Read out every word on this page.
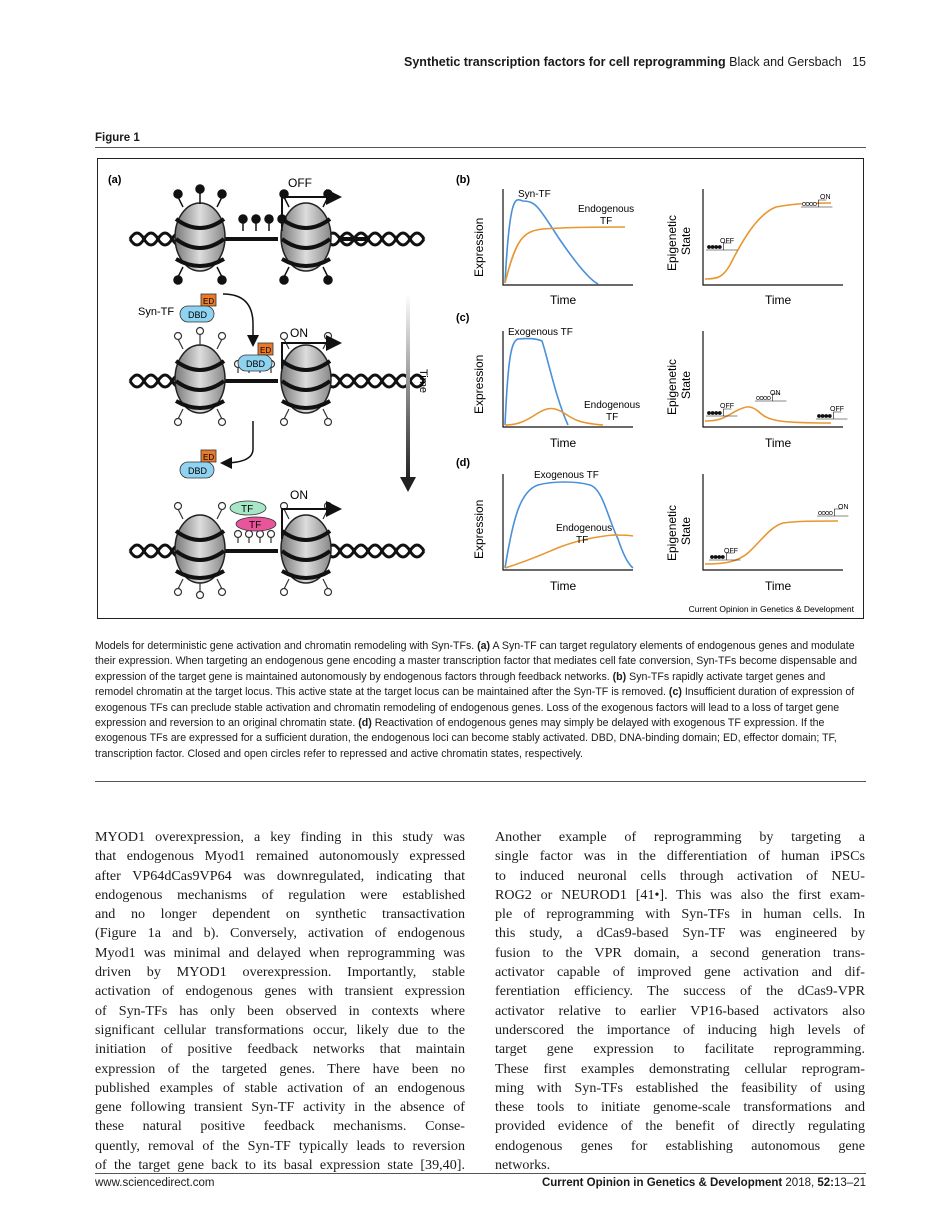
Synthetic transcription factors for cell reprogramming Black and Gersbach 15
Figure 1
(a)	OFF
Syn-TF
ED
DBD
ED
DBD
ON
ED
DBD
TF
TF
ON
Time
(b)
(c)
(d)
Syn-TF
Endogenous
TF
Expression
Time
Epigenetic State
Time
ON
OFF
Exogenous TF
Endogenous
TF
Expression
Time
Epigenetic State
Time
ON
OFF	OFF
Exogenous TF
Endogenous
TF
Expression
Time
Epigenetic State
Time
ON
OFF
Current Opinion in Genetics & Development
Models for deterministic gene activation and chromatin remodeling with Syn-TFs. (a) A Syn-TF can target regulatory elements of endogenous genes and modulate their expression. When targeting an endogenous gene encoding a master transcription factor that mediates cell fate conversion, Syn-TFs become dispensable and expression of the target gene is maintained autonomously by endogenous factors through feedback networks. (b) Syn-TFs rapidly activate target genes and remodel chromatin at the target locus. This active state at the target locus can be maintained after the Syn-TF is removed. (c) Insufficient duration of expression of exogenous TFs can preclude stable activation and chromatin remodeling of endogenous genes. Loss of the exogenous factors will lead to a loss of target gene expression and reversion to an original chromatin state. (d) Reactivation of endogenous genes may simply be delayed with exogenous TF expression. If the exogenous TFs are expressed for a sufficient duration, the endogenous loci can become stably activated. DBD, DNA-binding domain; ED, effector domain; TF, transcription factor. Closed and open circles refer to repressed and active chromatin states, respectively.
MYOD1 overexpression, a key finding in this study was
that endogenous Myod1 remained autonomously expressed
after VP64dCas9VP64 was downregulated, indicating that
endogenous mechanisms of regulation were established
and no longer dependent on synthetic transactivation
(Figure 1a and b). Conversely, activation of endogenous
Myod1 was minimal and delayed when reprogramming was
driven by MYOD1 overexpression. Importantly, stable
activation of endogenous genes with transient expression
of Syn-TFs has only been observed in contexts where
significant cellular transformations occur, likely due to the
initiation of positive feedback networks that maintain
expression of the targeted genes. There have been no
published examples of stable activation of an endogenous
gene following transient Syn-TF activity in the absence of
these natural positive feedback mechanisms. Conse-
quently, removal of the Syn-TF typically leads to reversion
of the target gene back to its basal expression state [39,40].
Another example of reprogramming by targeting a
single factor was in the differentiation of human iPSCs
to induced neuronal cells through activation of NEU-
ROG2 or NEUROD1 [41•]. This was also the first exam-
ple of reprogramming with Syn-TFs in human cells. In
this study, a dCas9-based Syn-TF was engineered by
fusion to the VPR domain, a second generation trans-
activator capable of improved gene activation and dif-
ferentiation efficiency. The success of the dCas9-VPR
activator relative to earlier VP16-based activators also
underscored the importance of inducing high levels of
target gene expression to facilitate reprogramming.
These first examples demonstrating cellular reprogram-
ming with Syn-TFs established the feasibility of using
these tools to initiate genome-scale transformations and
provided evidence of the benefit of directly regulating
endogenous genes for establishing autonomous gene
networks.
www.sciencedirect.com	Current Opinion in Genetics & Development 2018, 52:13–21
